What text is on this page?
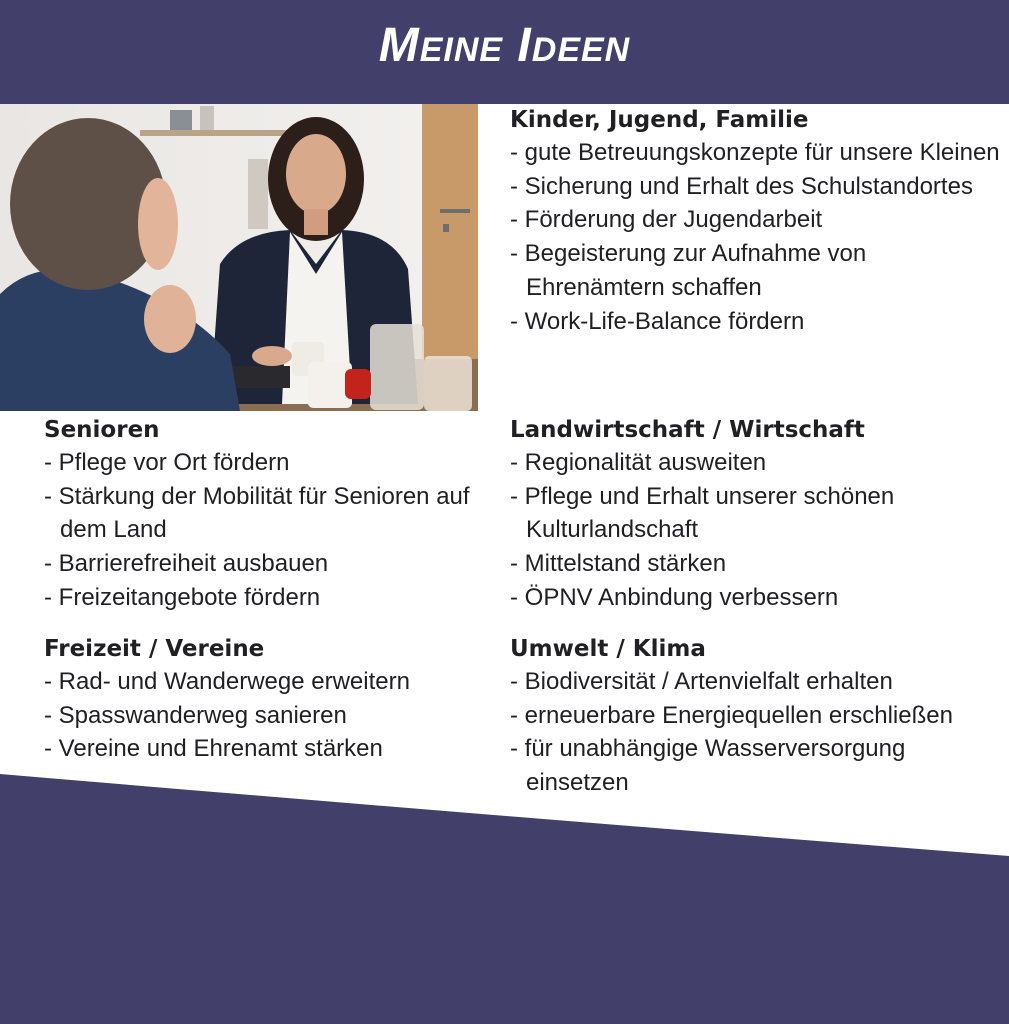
Meine Ideen
Kinder, Jugend, Familie
- gute Betreuungskonzepte für unsere Kleinen
- Sicherung und Erhalt des Schulstandortes
- Förderung der Jugendarbeit
- Begeisterung zur Aufnahme von Ehrenämtern schaffen
- Work-Life-Balance fördern
Senioren
- Pflege vor Ort fördern
- Stärkung der Mobilität für Senioren auf dem Land
- Barrierefreiheit ausbauen
- Freizeitangebote fördern
Landwirtschaft / Wirtschaft
- Regionalität ausweiten
- Pflege und Erhalt unserer schönen Kulturlandschaft
- Mittelstand stärken
- ÖPNV Anbindung verbessern
Freizeit / Vereine
- Rad- und Wanderwege erweitern
- Spasswanderweg sanieren
- Vereine und Ehrenamt stärken
Umwelt / Klima
- Biodiversität / Artenvielfalt erhalten
- erneuerbare Energiequellen erschließen
- für unabhängige Wasserversorgung einsetzen
